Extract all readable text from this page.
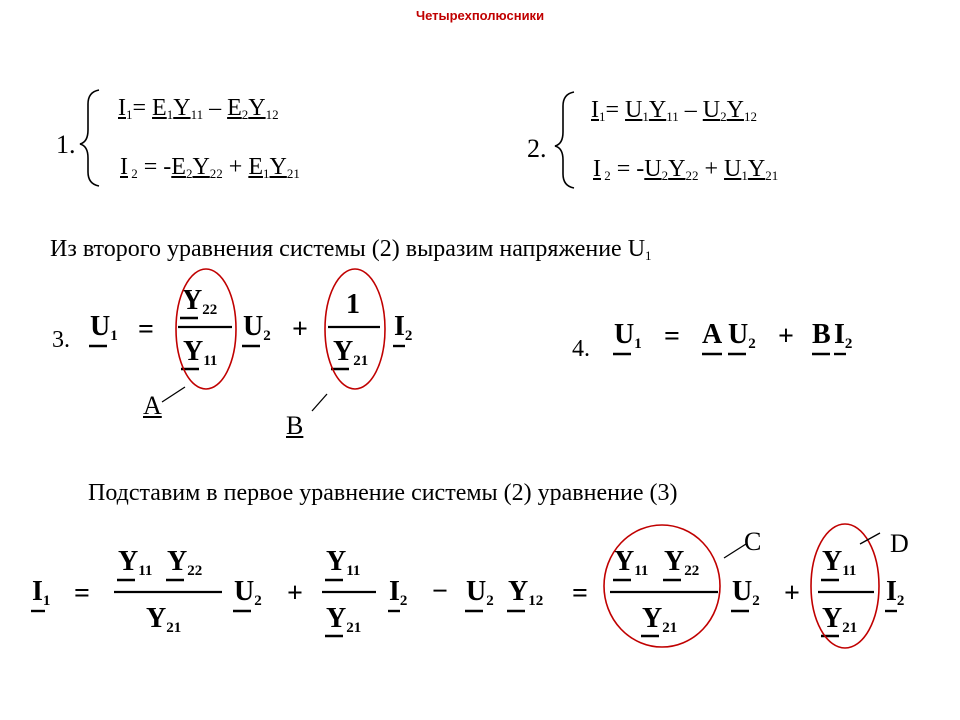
Четырехполюсники
1.
$I_1= E_1Y_{11} - E_2Y_{12}$
I $_2 = -E_2Y_{22} + E_1Y_{21}$
2.
$I_1= U_1Y_{11} - U_2Y_{12}$
I $_2 = -U_2Y_{22} + U_1Y_{21}$
Из второго уравнения системы (2) выразим напряжение $U_1$
3. U1 =
Y22
Y11
U2 +
1
Y21
I2
A
B
4. U1 = A U2 + B I2
Подставим в первое уравнение системы (2) уравнение (3)
I1 =
Y11 Y22
Y21
U2 +
Y11
Y21
I2 − U2 Y12 =
Y11 Y22
Y21
U2 +
Y11
Y21
I2
C	D
